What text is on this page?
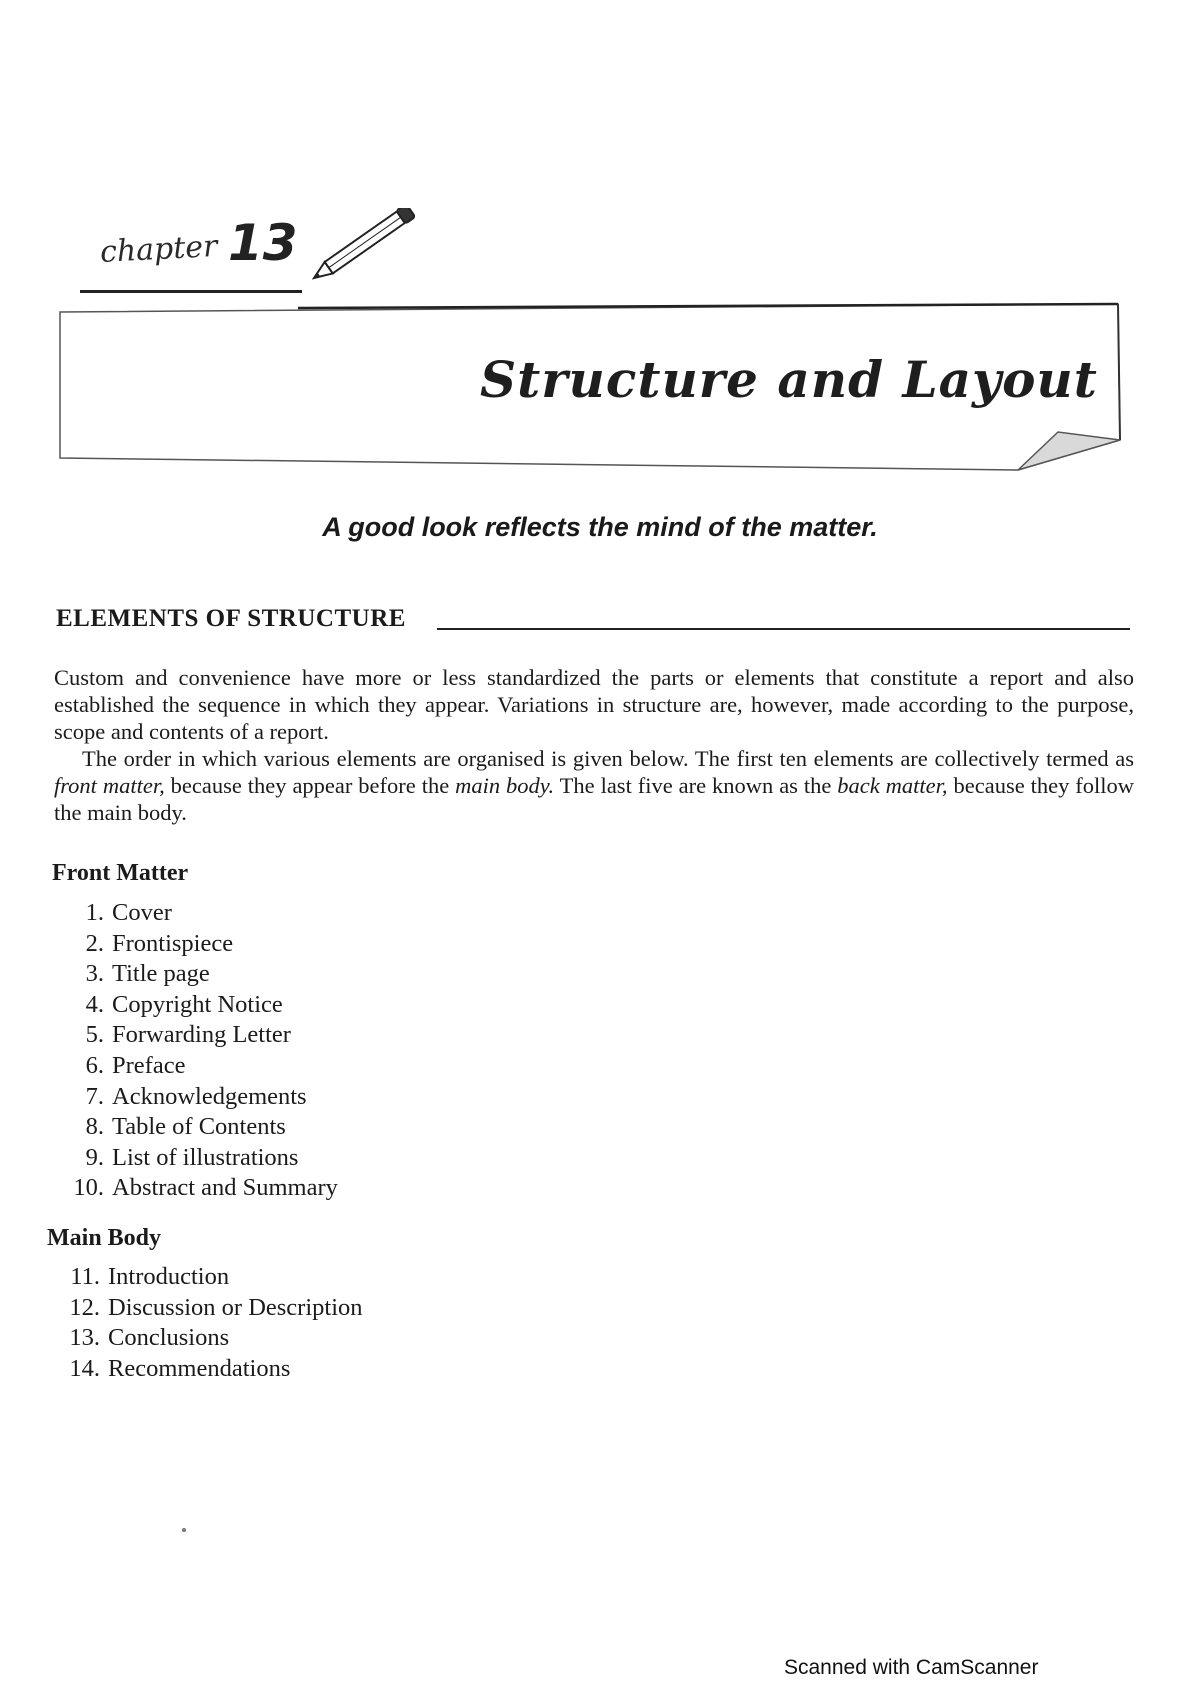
chapter 13
Structure and Layout
A good look reflects the mind of the matter.
ELEMENTS OF STRUCTURE

Custom and convenience have more or less standardized the parts or elements that constitute a report and also established the sequence in which they appear. Variations in structure are, however, made according to the purpose, scope and contents of a report.

The order in which various elements are organised is given below. The first ten elements are collectively termed as front matter, because they appear before the main body. The last five are known as the back matter, because they follow the main body.

Front Matter
1. Cover
2. Frontispiece
3. Title page
4. Copyright Notice
5. Forwarding Letter
6. Preface
7. Acknowledgements
8. Table of Contents
9. List of illustrations
10. Abstract and Summary
Main Body
11. Introduction
12. Discussion or Description
13. Conclusions
14. Recommendations
Scanned with CamScanner
